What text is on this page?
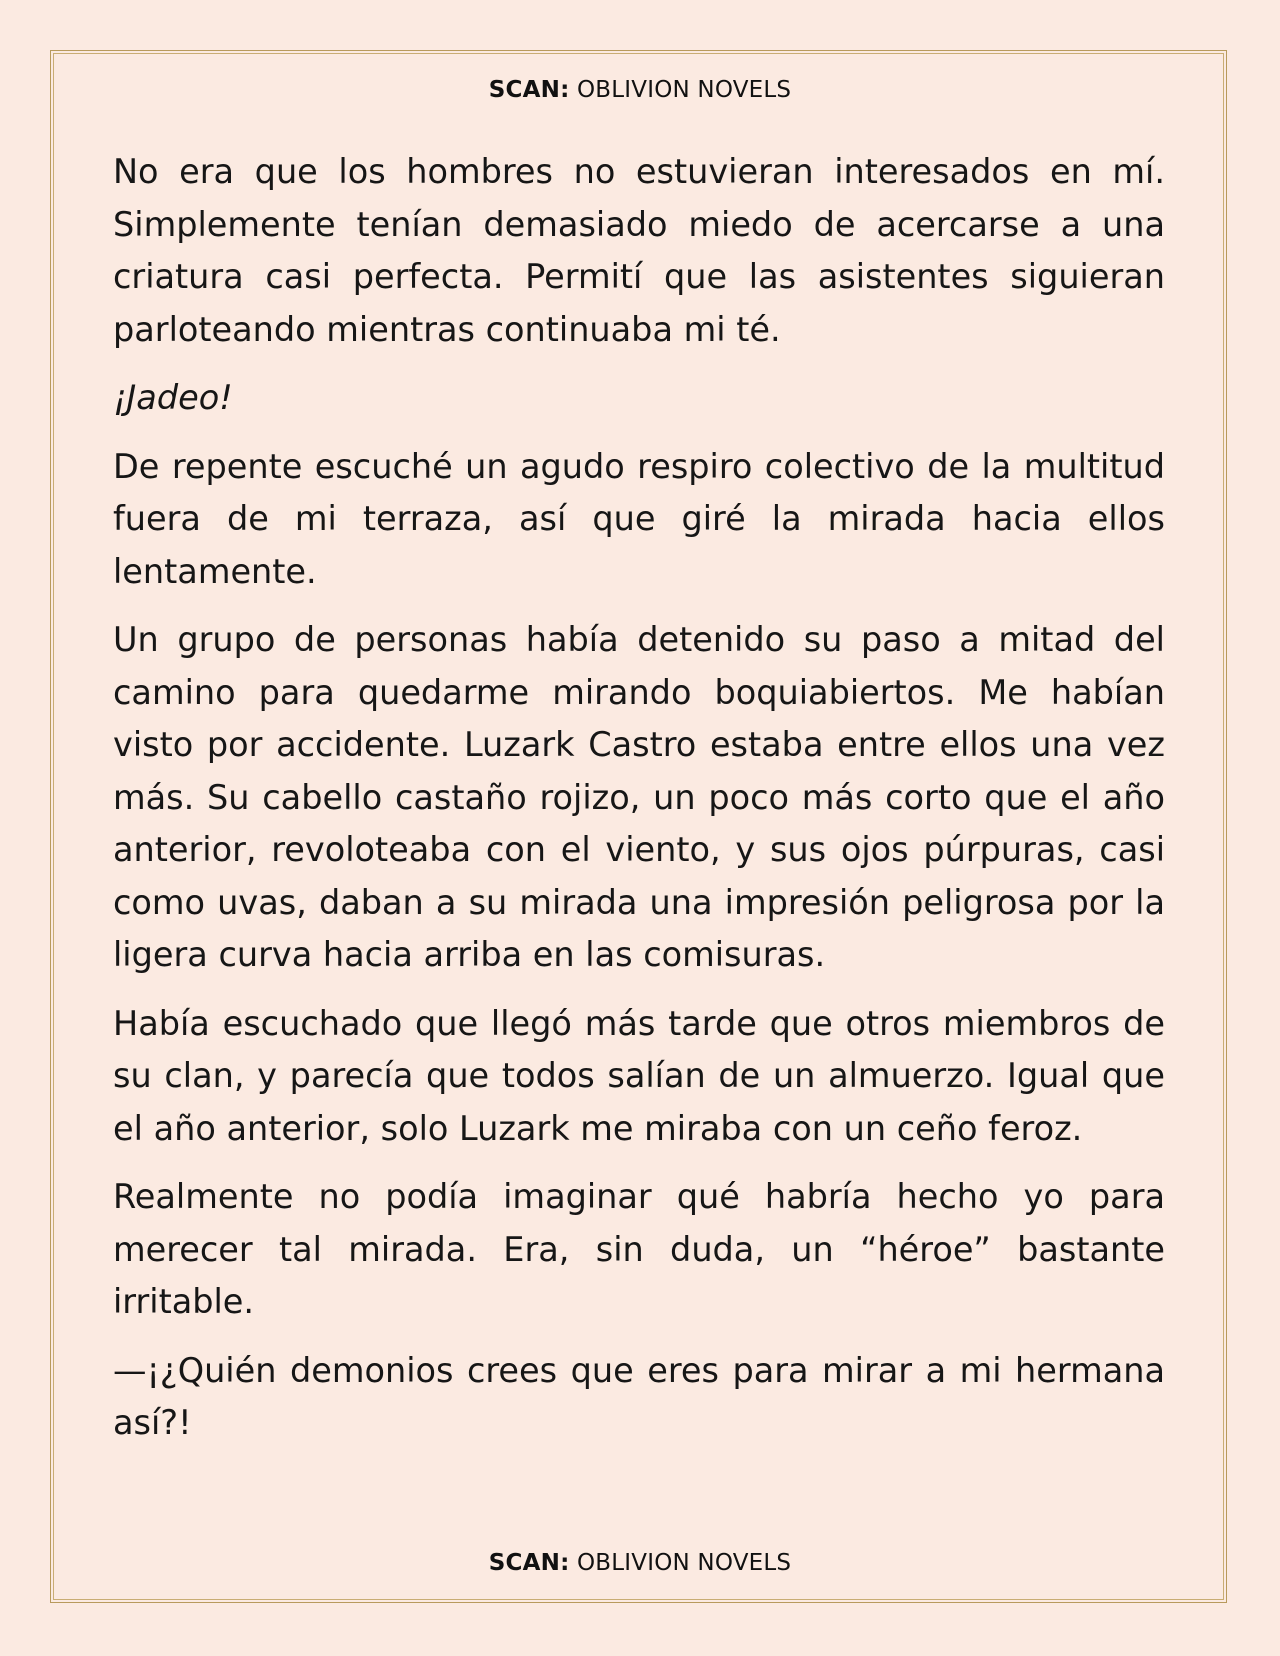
SCAN: OBLIVION NOVELS

No era que los hombres no estuvieran interesados en mí. Simplemente tenían demasiado miedo de acercarse a una criatura casi perfecta. Permití que las asistentes siguieran parloteando mientras continuaba mi té.

¡Jadeo!

De repente escuché un agudo respiro colectivo de la multitud fuera de mi terraza, así que giré la mirada hacia ellos lentamente.

Un grupo de personas había detenido su paso a mitad del camino para quedarme mirando boquiabiertos. Me habían visto por accidente. Luzark Castro estaba entre ellos una vez más. Su cabello castaño rojizo, un poco más corto que el año anterior, revoloteaba con el viento, y sus ojos púrpuras, casi como uvas, daban a su mirada una impresión peligrosa por la ligera curva hacia arriba en las comisuras.

Había escuchado que llegó más tarde que otros miembros de su clan, y parecía que todos salían de un almuerzo. Igual que el año anterior, solo Luzark me miraba con un ceño feroz.

Realmente no podía imaginar qué habría hecho yo para merecer tal mirada. Era, sin duda, un “héroe” bastante irritable.

—¡¿Quién demonios crees que eres para mirar a mi hermana así?!

SCAN: OBLIVION NOVELS
